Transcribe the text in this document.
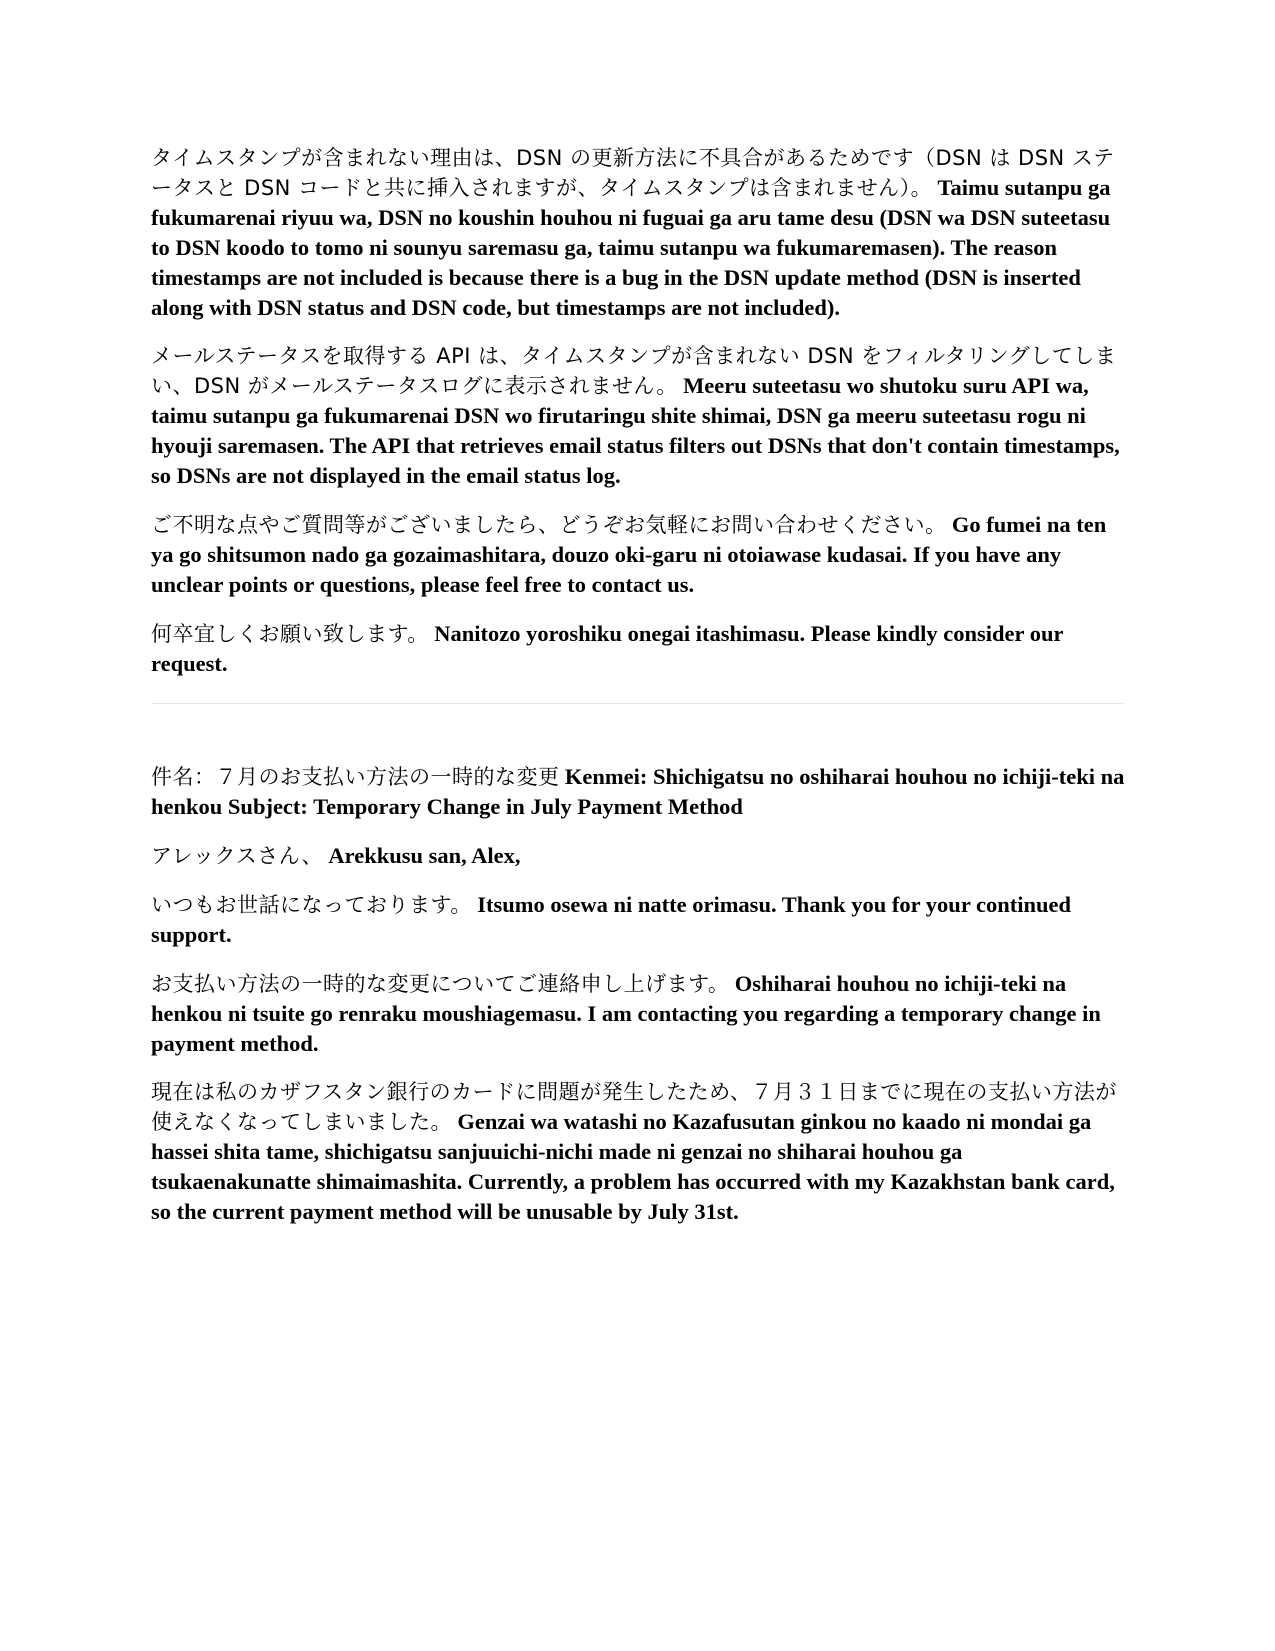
タイムスタンプが含まれない理由は、DSN の更新方法に不具合があるためです（DSN は DSN ステータスと DSN コードと共に挿入されますが、タイムスタンプは含まれません）。 Taimu sutanpu ga fukumarenai riyuu wa, DSN no koushin houhou ni fuguai ga aru tame desu (DSN wa DSN suteetasu to DSN koodo to tomo ni sounyu saremasu ga, taimu sutanpu wa fukumaremasen). The reason timestamps are not included is because there is a bug in the DSN update method (DSN is inserted along with DSN status and DSN code, but timestamps are not included).

メールステータスを取得する API は、タイムスタンプが含まれない DSN をフィルタリングしてしまい、DSN がメールステータスログに表示されません。 Meeru suteetasu wo shutoku suru API wa, taimu sutanpu ga fukumarenai DSN wo firutaringu shite shimai, DSN ga meeru suteetasu rogu ni hyouji saremasen. The API that retrieves email status filters out DSNs that don't contain timestamps, so DSNs are not displayed in the email status log.

ご不明な点やご質問等がございましたら、どうぞお気軽にお問い合わせください。 Go fumei na ten ya go shitsumon nado ga gozaimashitara, douzo oki-garu ni otoiawase kudasai. If you have any unclear points or questions, please feel free to contact us.

何卒宜しくお願い致します。 Nanitozo yoroshiku onegai itashimasu. Please kindly consider our request.

件名：７月のお支払い方法の一時的な変更 Kenmei: Shichigatsu no oshiharai houhou no ichiji-teki na henkou Subject: Temporary Change in July Payment Method

アレックスさん、 Arekkusu san, Alex,

いつもお世話になっております。 Itsumo osewa ni natte orimasu. Thank you for your continued support.

お支払い方法の一時的な変更についてご連絡申し上げます。 Oshiharai houhou no ichiji-teki na henkou ni tsuite go renraku moushiagemasu. I am contacting you regarding a temporary change in payment method.

現在は私のカザフスタン銀行のカードに問題が発生したため、７月３１日までに現在の支払い方法が使えなくなってしまいました。 Genzai wa watashi no Kazafusutan ginkou no kaado ni mondai ga hassei shita tame, shichigatsu sanjuuichi-nichi made ni genzai no shiharai houhou ga tsukaenakunatte shimaimashita. Currently, a problem has occurred with my Kazakhstan bank card, so the current payment method will be unusable by July 31st.
